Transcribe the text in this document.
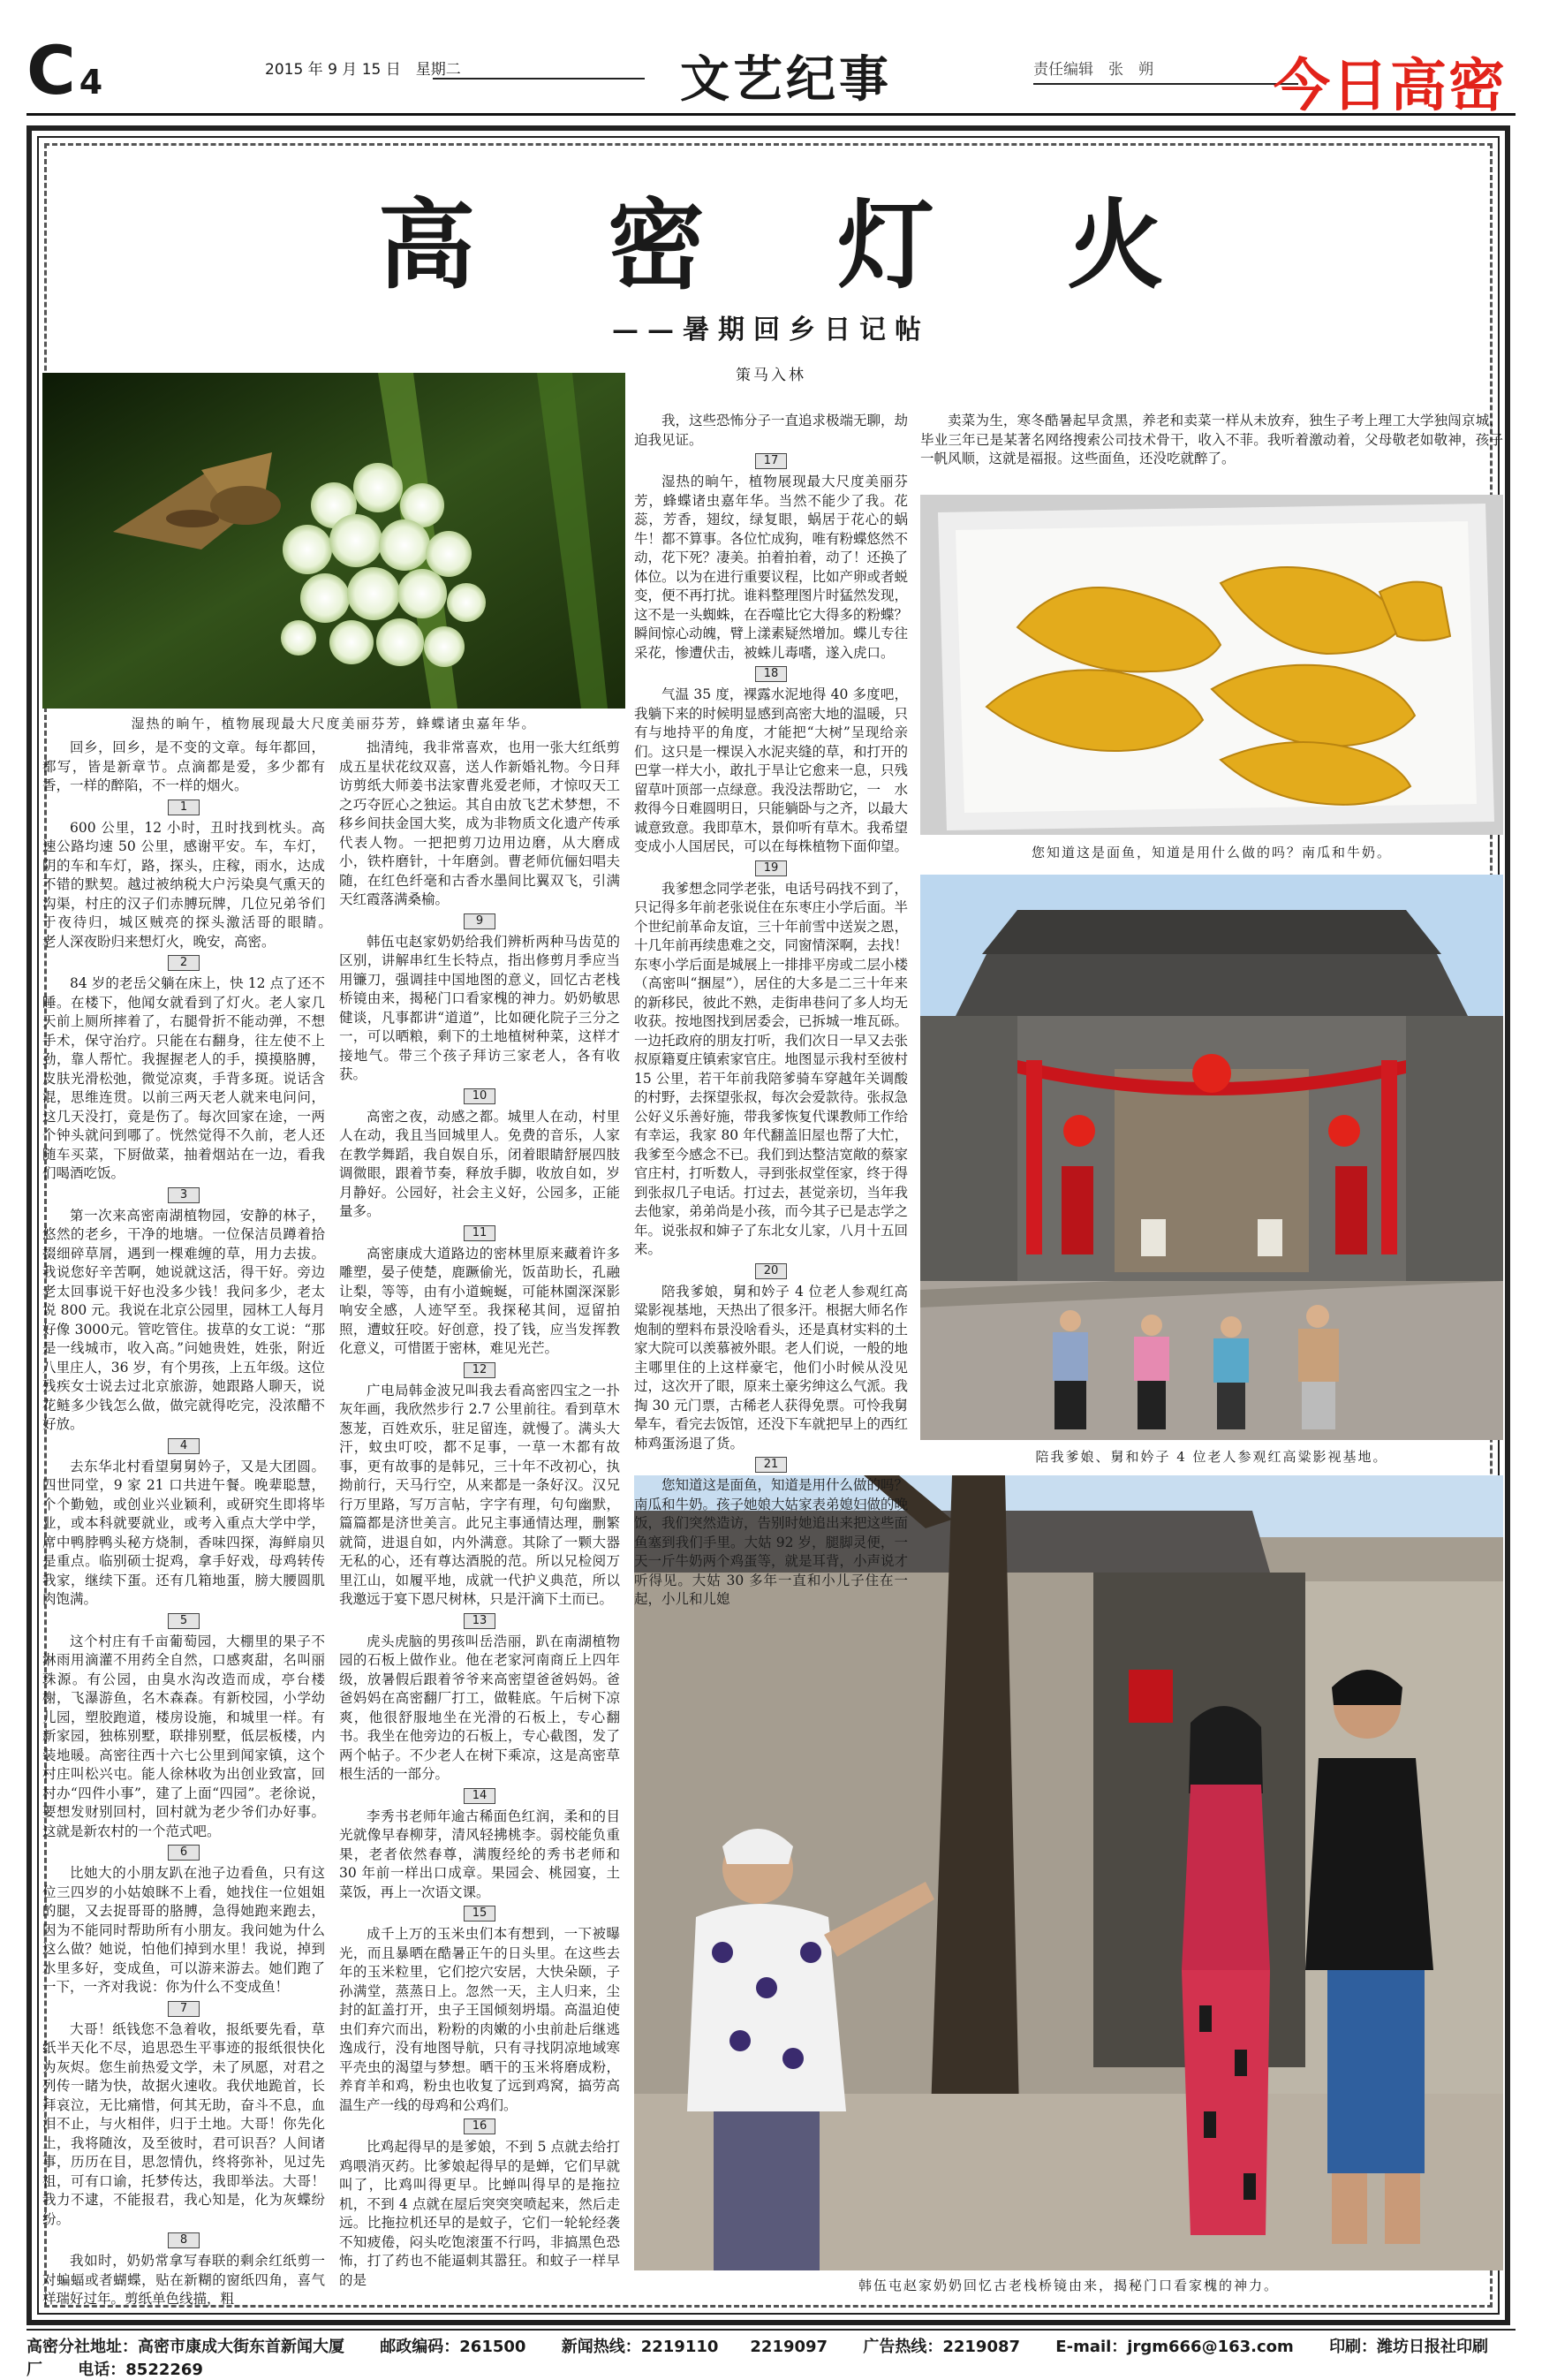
C 4	2015 年 9 月 15 日　星期二	文艺纪事	责任编辑　张　朔 今日高密
高密灯火
——暑期回乡日记帖
策马入林
湿热的晌午，植物展现最大尺度美丽芬芳，蜂蝶诸虫嘉年华。
您知道这是面鱼，知道是用什么做的吗？南瓜和牛奶。
陪我爹娘、舅和妗子 4 位老人参观红高粱影视基地。
韩伍屯赵家奶奶回忆古老栈桥镜由来，揭秘门口看家槐的神力。

回乡，回乡，是不变的文章。每年都回，都写，皆是新章节。点滴都是爱，多少都有香，一样的醉陷，不一样的烟火。

1

600 公里，12 小时，丑时找到枕头。高速公路均速 50 公里，感谢平安。车，车灯，阴的车和车灯，路，探头，庄稼，雨水，达成不错的默契。越过被纳税大户污染臭气熏天的沟渠，村庄的汉子们赤膊玩牌，几位兄弟爷们于夜待归，城区贼亮的探头激活哥的眼睛。　　老人深夜盼归来想灯火，晚安，高密。

2

84 岁的老岳父躺在床上，快 12 点了还不睡。在楼下，他闻女就看到了灯火。老人家几天前上厕所摔着了，右腿骨折不能动弹，不想手术，保守治疗。只能在右翻身，往左使不上劲，靠人帮忙。我握握老人的手，摸摸胳膊，皮肤光滑松弛，微觉凉爽，手背多斑。说话含混，思维连贯。以前三两天老人就来电问问，这几天没打，竟是伤了。每次回家在途，一两个钟头就问到哪了。恍然觉得不久前，老人还随车买菜，下厨做菜，抽着烟站在一边，看我们喝酒吃饭。

3

第一次来高密南湖植物园，安静的林子，悠然的老乡，干净的地塘。一位保洁员蹲着拾掇细碎草屑，遇到一棵难缠的草，用力去拔。我说您好辛苦啊，她说就这活，得干好。旁边老太回事说干好也没多少钱！我问多少，老太说 800 元。我说在北京公园里，园林工人每月好像 3000元。管吃管住。拔草的女工说：“那是一线城市，收入高。”问她贵姓，姓张，附近八里庄人，36 岁，有个男孩，上五年级。这位残疾女士说去过北京旅游，她跟路人聊天，说花鲢多少钱怎么做，做完就得吃完，没浓醋不好放。

4

去东华北村看望舅舅妗子，又是大团圆。四世同堂，9 家 21 口共进午餐。晚辈聪慧，个个勤勉，或创业兴业颖利，或研究生即将毕业，或本科就要就业，或考入重点大学中学，席中鸭脖鸭头秘方烧制，香味四探，海鲜扇贝是重点。临别硕士捉鸡，拿手好戏，母鸡转传我家，继续下蛋。还有几箱地蛋，膀大腰圆肌肉饱满。

5

这个村庄有千亩葡萄园，大棚里的果子不淋雨用滴灌不用药全自然，口感爽甜，名叫丽珠源。有公园，由臭水沟改造而成，亭台楼榭，飞瀑游鱼，名木森森。有新校园，小学幼儿园，塑胶跑道，楼房设施，和城里一样。有新家园，独栋别墅，联排别墅，低层板楼，内装地暖。高密往西十六七公里到闻家镇，这个村庄叫松兴屯。能人徐林收为出创业致富，回村办“四件小事”，建了上面“四园”。老徐说，要想发财别回村，回村就为老少爷们办好事。这就是新农村的一个范式吧。

6

比她大的小朋友趴在池子边看鱼，只有这位三四岁的小姑娘眯不上看，她找住一位姐姐的腿，又去捉哥哥的胳膊，急得她跑来跑去，因为不能同时帮助所有小朋友。我问她为什么这么做？她说，怕他们掉到水里！我说，掉到水里多好，变成鱼，可以游来游去。她们跑了一下，一齐对我说：你为什么不变成鱼！

7

大哥！纸钱您不急着收，报纸要先看，草纸半天化不尽，追思恐生平事迹的报纸很快化为灰烬。您生前热爱文学，未了夙愿，对君之列传一睹为快，故据火速收。我伏地跪首，长拜哀泣，无比痛惜，何其无助，奋斗不息，血泪不止，与火相伴，归于土地。大哥！你先化土，我将随汝，及至彼时，君可识吾？人间诸事，历历在目，思忽情仇，终将弥补，见过先祖，可有口谕，托梦传达，我即举法。大哥！我力不逮，不能报君，我心知是，化为灰蝶纷纷。

8

我如时，奶奶常拿写春联的剩余红纸剪一对蝙蝠或者蝴蝶，贴在新糊的窗纸四角，喜气祥瑞好过年。剪纸单色线描，粗

拙清纯，我非常喜欢，也用一张大红纸剪成五星状花纹双喜，送人作新婚礼物。今日拜访剪纸大师姜书法家曹兆爱老师，才惊叹天工之巧夺匠心之独运。其自由放飞艺术梦想，不移乡间扶金国大奖，成为非物质文化遗产传承代表人物。一把把剪刀边用边磨，从大磨成小，铁杵磨针，十年磨剑。曹老师伉俪妇唱夫随，在红色纤毫和古香水墨间比翼双飞，引满天红霞落满桑榆。

9

韩伍屯赵家奶奶给我们辨析两种马齿苋的区别，讲解串红生长特点，指出修剪月季应当用镰刀，强调挂中国地图的意义，回忆古老栈桥镜由来，揭秘门口看家槐的神力。奶奶敏思健谈，凡事都讲“道道”，比如硬化院子三分之一，可以晒粮，剩下的土地植树种菜，这样才接地气。带三个孩子拜访三家老人，各有收获。

10

高密之夜，动感之都。城里人在动，村里人在动，我且当回城里人。免费的音乐，人家在教学舞蹈，我自娱自乐，闭着眼睛舒展四肢调微眼，跟着节奏，释放手脚，收放自如，岁月静好。公园好，社会主义好，公园多，正能量多。

11

高密康成大道路边的密林里原来藏着许多雕塑，晏子使楚，鹿蹶偷光，饭苗助长，孔融让梨，等等，由有小道蜿蜒，可能林園深深影响安全感，人迹罕至。我探秘其间，逗留拍照，遭蚊狂咬。好创意，投了钱，应当发挥教化意义，可惜匿于密林，难见光芒。

12

广电局韩金波兄叫我去看高密四宝之一扑灰年画，我欣然步行 2.7 公里前往。看到草木葱茏，百姓欢乐，驻足留连，就慢了。满头大汗，蚊虫叮咬，都不足事，一草一木都有故事，更有故事的是韩兄，三十年不改初心，执拗前行，天马行空，从来都是一条好汉。汉兄行万里路，写万言帖，字字有理，句句幽默，篇篇都是济世美言。此兄主事通情达理，删繁就简，进退自如，内外满意。其除了一颗大器无私的心，还有尊达酒脱的范。所以兄检阅万里江山，如履平地，成就一代护义典范，所以我邀远于宴下恩尺树林，只是汗滴下土而已。

13

虎头虎脑的男孩叫岳浩丽，趴在南湖植物园的石板上做作业。他在老家河南商丘上四年级，放暑假后跟着爷爷来高密望爸爸妈妈。爸爸妈妈在高密翻厂打工，做鞋底。午后树下凉爽，他很舒服地坐在光滑的石板上，专心翻书。我坐在他旁边的石板上，专心截图，发了两个帖子。不少老人在树下乘凉，这是高密草根生活的一部分。

14

李秀书老师年逾古稀面色红润，柔和的目光就像早春柳芽，清风轻拂桃李。弱校能负重果，老者依然春尊，满腹经纶的秀书老师和 30 年前一样出口成章。果园会、桃园宴，土菜饭，再上一次语文课。

15

成千上万的玉米虫们本有想到，一下被曝光，而且暴晒在酷暑正午的日头里。在这些去年的玉米粒里，它们挖穴安居，大快朵颐，子孙满堂，蒸蒸日上。忽然一天，主人归来，尘封的缸盖打开，虫子王国倾刻坍塌。高温迫使虫们弃穴而出，粉粉的肉嫩的小虫前赴后继逃逸成行，没有地图导航，只有寻找阴凉地域寒平壳虫的渴望与梦想。晒干的玉米将磨成粉，养育羊和鸡，粉虫也收复了远到鸡窝，搞劳高温生产一线的母鸡和公鸡们。

16

比鸡起得早的是爹娘，不到 5 点就去给打　鸡喂消灭药。比爹娘起得早的是蝉，它们早就叫了，比鸡叫得更早。比蝉叫得早的是拖拉机，不到 4 点就在屋后突突突喷起来，然后走远。比拖拉机还早的是蚊子，它们一轮轮经袭不知疲倦，闷头吃饱滚蛋不行吗，非搞黑色恐怖，打了药也不能逼刺其嚣狂。和蚊子一样早的是

我，这些恐怖分子一直追求极端无聊，劫迫我见证。

17

湿热的晌午，植物展现最大尺度美丽芬芳，蜂蝶诸虫嘉年华。当然不能少了我。花蕊，芳香，翅纹，绿复眼，蜗居于花心的蜗牛！都不算事。各位忙成狗，唯有粉蝶悠然不动，花下死？凄美。拍着拍着，动了！还换了体位。以为在进行重要议程，比如产卵或者蜕变，便不再打扰。谁料整理图片时猛然发现，这不是一头蜘蛛，在吞噬比它大得多的粉蝶？瞬间惊心动魄，臂上漾素疑然增加。蝶儿专往采花，惨遭伏击，被蛛儿毒嗜，遂入虎口。

18

气温 35 度，裸露水泥地得 40 多度吧，我躺下来的时候明显感到高密大地的温暖，只有与地持平的角度，才能把“大树”呈现给亲们。这只是一棵误入水泥夹缝的草，和打开的巴掌一样大小，敢扎于旱让它愈来一息，只残留草叶顶部一点绿意。我没法帮助它，一　水救得今日难圆明日，只能躺卧与之齐，以最大诚意致意。我即草木，景仰听有草木。我希望变成小人国居民，可以在每株植物下面仰望。

19

我爹想念同学老张，电话号码找不到了，只记得多年前老张说住在东枣庄小学后面。半个世纪前革命友谊，三十年前雪中送炭之恩，十几年前再续患难之交，同窗情深啊，去找！东枣小学后面是城展上一排排平房或二层小楼（高密叫“捆屋”），居住的大多是二三十年来的新移民，彼此不熟，走街串巷问了多人均无收获。按地图找到居委会，已拆城一堆瓦砾。一边托政府的朋友打听，我们次日一早又去张叔原籍夏庄镇索家官庄。地图显示我村至彼村 15 公里，若干年前我陪爹骑车穿越年关调酸的村野，去探望张叔，每次会爱款待。张叔急公好义乐善好施，带我爹恢复代课教师工作给有幸运，我家 80 年代翻盖旧屋也帮了大忙，我爹至今感念不已。我们到达整洁宽敞的蔡家官庄村，打听数人，寻到张叔堂侄家，终于得到张叔几子电话。打过去，甚觉亲切，当年我去他家，弟弟尚是小孩，而今其子已是志学之年。说张叔和婶子了东北女儿家，八月十五回来。

20

陪我爹娘，舅和妗子 4 位老人参观红高粱影视基地，天热出了很多汗。根据大师名作炮制的塑料布景没啥看头，还是真材实料的土家大院可以羡慕被外眼。老人们说，一般的地主哪里住的上这样豪宅，他们小时候从没见过，这次开了眼，原来土豪劣绅这么气派。我掏 30 元门票，古稀老人获得免票。可怜我舅晕车，看完去饭馆，还没下车就把早上的西红柿鸡蛋汤退了货。

21

您知道这是面鱼，知道是用什么做的吗？南瓜和牛奶。孩子她娘大姑家表弟媳妇做的晚饭，我们突然造访，告别时她追出来把这些面鱼塞到我们手里。大姑 92 岁，腿脚灵便，一天一斤牛奶两个鸡蛋等，就是耳背，小声说才听得见。大姑 30 多年一直和小儿子住在一起，小儿和儿媳

卖菜为生，寒冬酷暑起早贪黑，养老和卖菜一样从未放弃，独生子考上理工大学独闯京城，毕业三年已是某著名网络搜索公司技术骨干，收入不菲。我听着激动着，父母敬老如敬神，孩子一帆风顺，这就是福报。这些面鱼，还没吃就醉了。

高密分社地址：高密市康成大街东首新闻大厦 邮政编码：261500 新闻热线：2219110　　2219097 广告热线：2219087 E-mail：jrgm666@163.com 印刷：潍坊日报社印刷厂 电话：8522269
